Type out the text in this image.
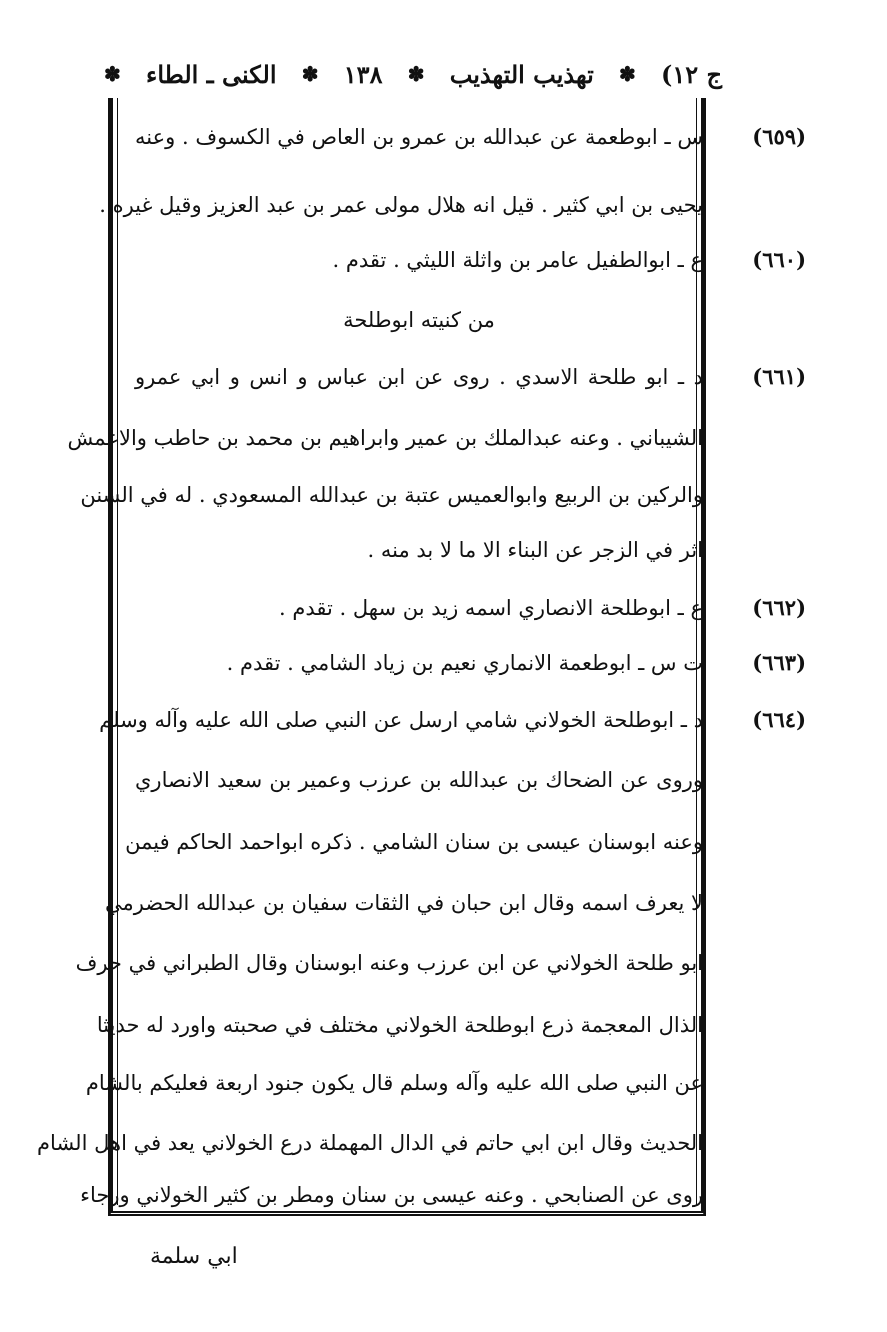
ج ١٢)
✽
تهذيب التهذيب
✽
١٣٨
✽
الكنى ـ الطاء
✽
(٦٥٩)
س ـ ابوطعمة عن عبدالله بن عمرو بن العاص في الكسوف . وعنه
يحيى بن ابي كثير . قيل انه هلال مولى عمر بن عبد العزيز وقيل غيره .
(٦٦٠)
ع ـ ابوالطفيل عامر بن واثلة الليثي . تقدم .
من كنيته ابوطلحة
(٦٦١)
د ـ ابو طلحة الاسدي . روى عن ابن عباس و انس و ابي عمرو
الشيباني . وعنه عبدالملك بن عمير وابراهيم بن محمد بن حاطب والاعمش
والركين بن الربيع وابوالعميس عتبة بن عبدالله المسعودي . له في السنن
اثر في الزجر عن البناء الا ما لا بد منه .
(٦٦٢)
ع ـ ابوطلحة الانصاري اسمه زيد بن سهل . تقدم .
(٦٦٣)
ت س ـ ابوطعمة الانماري نعيم بن زياد الشامي . تقدم .
(٦٦٤)
د ـ ابوطلحة الخولاني شامي ارسل عن النبي صلى الله عليه وآله وسلم
وروى عن الضحاك بن عبدالله بن عرزب وعمير بن سعيد الانصاري
وعنه ابوسنان عيسى بن سنان الشامي . ذكره ابواحمد الحاكم فيمن
لا يعرف اسمه وقال ابن حبان في الثقات سفيان بن عبدالله الحضرمي
ابو طلحة الخولاني عن ابن عرزب وعنه ابوسنان وقال الطبراني في حرف
الذال المعجمة ذرع ابوطلحة الخولاني مختلف في صحبته واورد له حديثا
عن النبي صلى الله عليه وآله وسلم قال يكون جنود اربعة فعليكم بالشام
الحديث وقال ابن ابي حاتم في الدال المهملة درع الخولاني يعد في اهل الشام
روى عن الصنابحي . وعنه عيسى بن سنان ومطر بن كثير الخولاني ورجاء
ابي سلمة
